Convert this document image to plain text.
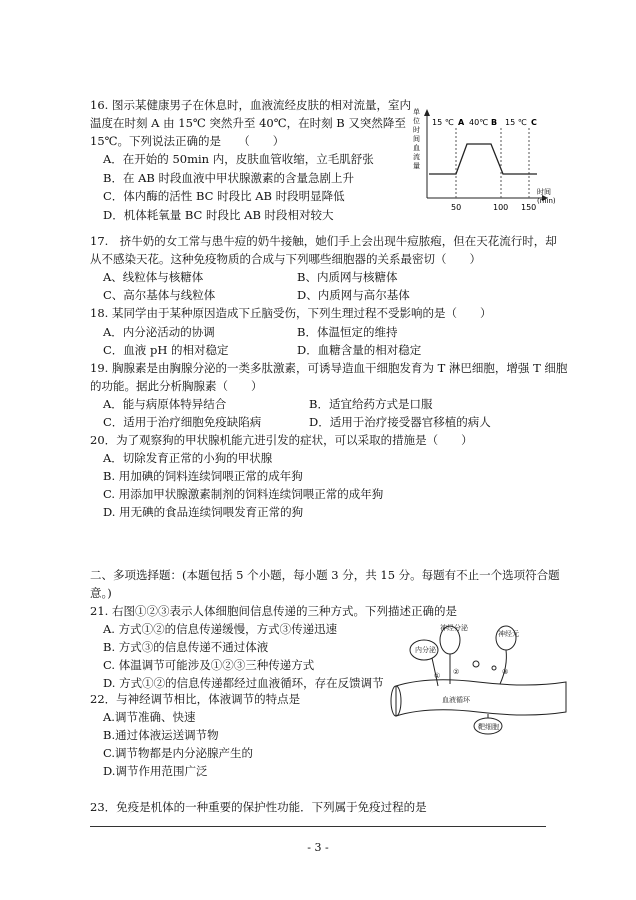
16. 图示某健康男子在休息时，血液流经皮肤的相对流量，室内
温度在时刻 A 由 15℃ 突然升至 40℃，在时刻 B 又突然降至
15℃。下列说法正确的是　　（　　）
A．在开始的 50min 内，皮肤血管收缩，立毛肌舒张
B．在 AB 时段血液中甲状腺激素的含量急剧上升
C．体内酶的活性 BC 时段比 AB 时段明显降低
D．机体耗氧量 BC 时段比 AB 时段相对较大
单
位
时
间
血
流
量
15 ℃ A 40℃ B 15 ℃ C
50	100 150
时间(min)
17.　挤牛奶的女工常与患牛痘的奶牛接触，她们手上会出现牛痘脓疱，但在天花流行时，却
从不感染天花。这种免疫物质的合成与下列哪些细胞器的关系最密切（　　）
A、线粒体与核糖体	B、内质网与核糖体
C、高尔基体与线粒体	D、内质网与高尔基体
18. 某同学由于某种原因造成下丘脑受伤，下列生理过程不受影响的是（　　）
A．内分泌活动的协调	B．体温恒定的维持
C．血液 pH 的相对稳定	D．血糖含量的相对稳定
19. 胸腺素是由胸腺分泌的一类多肽激素，可诱导造血干细胞发育为 T 淋巴细胞，增强 T 细胞
的功能。据此分析胸腺素（　　）
A．能与病原体特异结合	B．适宜给药方式是口服
C．适用于治疗细胞免疫缺陷病	D．适用于治疗接受器官移植的病人
20．为了观察狗的甲状腺机能亢进引发的症状，可以采取的措施是（　　）
A．切除发育正常的小狗的甲状腺
B. 用加碘的饲料连续饲喂正常的成年狗
C. 用添加甲状腺激素制剂的饲料连续饲喂正常的成年狗
D. 用无碘的食品连续饲喂发育正常的狗
二、多项选择题：(本题包括 5 个小题，每小题 3 分，共 15 分。每题有不止一个选项符合题
意。)
21. 右图①②③表示人体细胞间信息传递的三种方式。下列描述正确的是
A. 方式①②的信息传递缓慢，方式③传递迅速
B. 方式③的信息传递不通过体液
C. 体温调节可能涉及①②③三种传递方式
D. 方式①②的信息传递都经过血液循环，存在反馈调节
内分泌
神经分泌
神经元
血液循环
靶细胞
① ②	③
22．与神经调节相比，体液调节的特点是
A.调节准确、快速
B.通过体液运送调节物
C.调节物都是内分泌腺产生的
D.调节作用范围广泛
23．免疫是机体的一种重要的保护性功能．下列属于免疫过程的是
- 3 -
